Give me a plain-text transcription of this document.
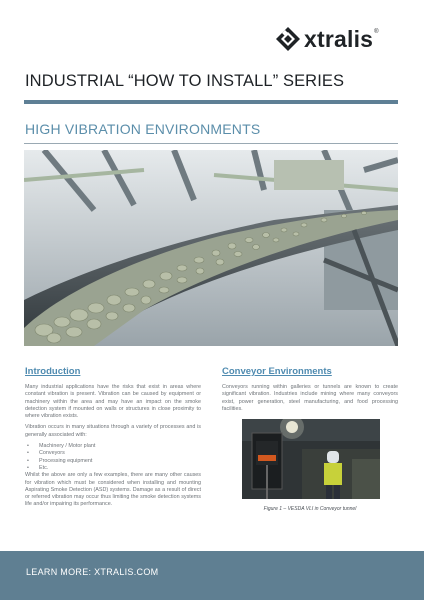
xtralis ®
INDUSTRIAL “HOW TO INSTALL” SERIES
HIGH VIBRATION ENVIRONMENTS
Introduction

Many industrial applications have the risks that exist in areas where constant vibration is present. Vibration can be caused by equipment or machinery within the area and may have an impact on the smoke detection system if mounted on walls or structures in close proximity to where vibration exists.

Vibration occurs in many situations through a variety of processes and is generally associated with:

• Machinery / Motor plant
• Conveyors
• Processing equipment
• Etc.

Whilst the above are only a few examples, there are many other causes for vibration which must be considered when installing and mounting Aspirating Smoke Detection (ASD) systems. Damage as a result of direct or referred vibration may occur thus limiting the smoke detection systems life and/or impairing its performance.

Conveyor Environments

Conveyors running within galleries or tunnels are known to create significant vibration. Industries include mining where many conveyors exist, power generation, steel manufacturing, and food processing facilities.

Figure 1 – VESDA VLI in Conveyor tunnel
LEARN MORE: XTRALIS.COM
